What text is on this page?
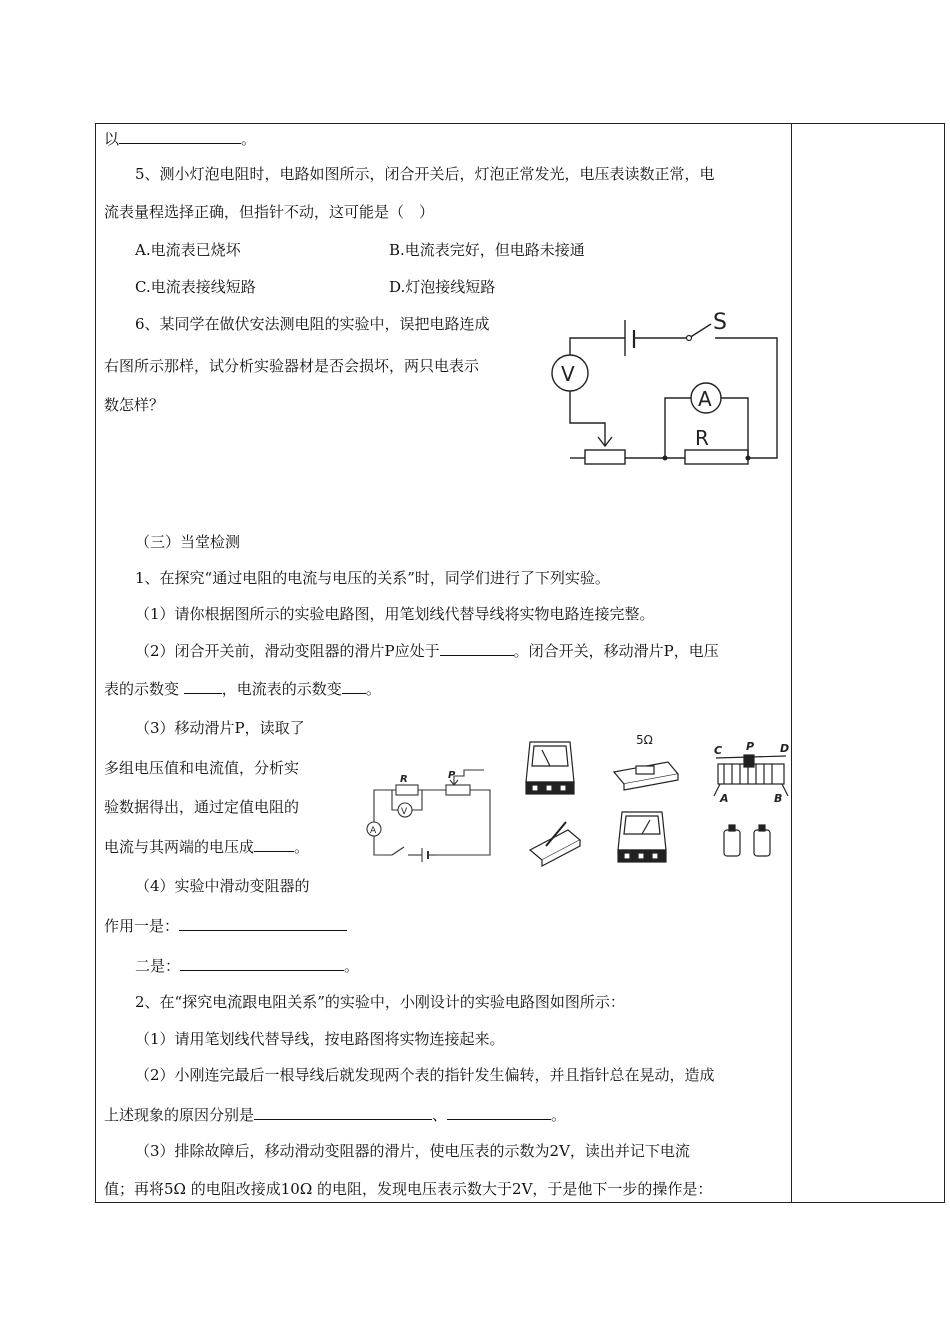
以	。
5、测小灯泡电阻时，电路如图所示，闭合开关后，灯泡正常发光，电压表读数正常，电
流表量程选择正确，但指针不动，这可能是（　）
A.电流表已烧坏	B.电流表完好，但电路未接通
C.电流表接线短路	D.灯泡接线短路
6、某同学在做伏安法测电阻的实验中，误把电路连成
右图所示那样，试分析实验器材是否会损坏，两只电表示
数怎样？
S
V
A
R
（三）当堂检测
1、在探究“通过电阻的电流与电压的关系”时，同学们进行了下列实验。
（1）请你根据图所示的实验电路图，用笔划线代替导线将实物电路连接完整。
（2）闭合开关前，滑动变阻器的滑片P应处于	。闭合开关，移动滑片P，电压
表的示数变	，电流表的示数变 。
（3）移动滑片P，读取了
多组电压值和电流值，分析实
验数据得出，通过定值电阻的
电流与其两端的电压成	。
（4）实验中滑动变阻器的
作用一是：
二是：	。
R	P
V
A
5Ω
C P D
A	B
2、在“探究电流跟电阻关系”的实验中，小刚设计的实验电路图如图所示：
（1）请用笔划线代替导线，按电路图将实物连接起来。
（2）小刚连完最后一根导线后就发现两个表的指针发生偏转，并且指针总在晃动，造成
上述现象的原因分别是	、	。
（3）排除故障后，移动滑动变阻器的滑片，使电压表的示数为2V，读出并记下电流
值；再将5Ω 的电阻改接成10Ω 的电阻，发现电压表示数大于2V，于是他下一步的操作是：
